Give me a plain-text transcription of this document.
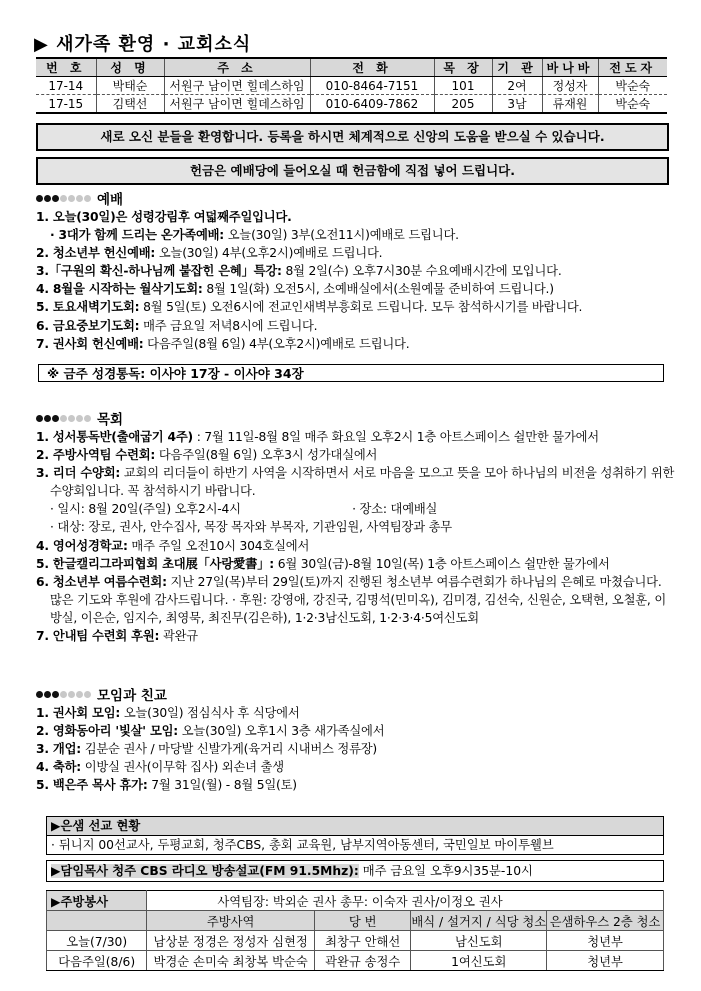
▶ 새가족 환영 · 교회소식
번 호	성 명	주 소	전 화	목 장	기 관	바나바	전도자
17-14	박태순	서원구 남이면 힐데스하임	010-8464-7151	101	2여	정성자	박순숙
17-15	김택선	서원구 남이면 힐데스하임	010-6409-7862	205	3남	류재원	박순숙
새로 오신 분들을 환영합니다. 등록을 하시면 체계적으로 신앙의 도움을 받으실 수 있습니다.
헌금은 예배당에 들어오실 때 헌금함에 직접 넣어 드립니다.
예배
1. 오늘(30일)은 성령강림후 여덟째주일입니다.
· 3대가 함께 드리는 온가족예배: 오늘(30일) 3부(오전11시)예배로 드립니다.
2. 청소년부 헌신예배: 오늘(30일) 4부(오후2시)예배로 드립니다.
3.「구원의 확신-하나님께 붙잡힌 은혜」특강: 8월 2일(수) 오후7시30분 수요예배시간에 모입니다.
4. 8월을 시작하는 월삭기도회: 8월 1일(화) 오전5시, 소예배실에서(소원예물 준비하여 드립니다.)
5. 토요새벽기도회: 8월 5일(토) 오전6시에 전교인새벽부흥회로 드립니다. 모두 참석하시기를 바랍니다.
6. 금요중보기도회: 매주 금요일 저녁8시에 드립니다.
7. 권사회 헌신예배: 다음주일(8월 6일) 4부(오후2시)예배로 드립니다.
※ 금주 성경통독: 이사야 17장 - 이사야 34장
목회
1. 성서통독반(출애굽기 4주) : 7월 11일-8월 8일 매주 화요일 오후2시 1층 아트스페이스 쉴만한 물가에서
2. 주방사역팀 수련회: 다음주일(8월 6일) 오후3시 성가대실에서
3. 리더 수양회: 교회의 리더들이 하반기 사역을 시작하면서 서로 마음을 모으고 뜻을 모아 하나님의 비전을 성취하기 위한 수양회입니다. 꼭 참석하시기 바랍니다.
· 일시: 8월 20일(주일) 오후2시-4시                              · 장소: 대예배실
· 대상: 장로, 권사, 안수집사, 목장 목자와 부목자, 기관임원, 사역팀장과 총무
4. 영어성경학교: 매주 주일 오전10시 304호실에서
5. 한글캘리그라피협회 초대展「사랑愛書」: 6월 30일(금)-8월 10일(목) 1층 아트스페이스 쉴만한 물가에서
6. 청소년부 여름수련회: 지난 27일(목)부터 29일(토)까지 진행된 청소년부 여름수련회가 하나님의 은혜로 마쳤습니다. 많은 기도와 후원에 감사드립니다. · 후원: 강영애, 강진국, 김명석(민미옥), 김미경, 김선숙, 신원순, 오택현, 오철훈, 이방실, 이은순, 임지수, 최영묵, 최진무(김은하), 1·2·3남신도회, 1·2·3·4·5여신도회
7. 안내팀 수련회 후원: 곽완규
모임과 친교
1. 권사회 모임: 오늘(30일) 점심식사 후 식당에서
2. 영화동아리 '빛살' 모임: 오늘(30일) 오후1시 3층 새가족실에서
3. 개업: 김분순 권사 / 마당발 신발가게(육거리 시내버스 정류장)
4. 축하: 이방실 권사(이무학 집사) 외손녀 출생
5. 백은주 목사 휴가: 7월 31일(월) - 8월 5일(토)
▶은샘 선교 현황
· 뒤니지 00선교사, 두평교회, 청주CBS, 총회 교육원, 남부지역아동센터, 국민일보 마이투웰브
▶담임목사 청주 CBS 라디오 방송설교(FM 91.5Mhz): 매주 금요일 오후9시35분-10시
▶주방봉사	사역팀장: 박외순 권사 총무: 이숙자 권사/이정오 권사			
	주방사역	당 번	배식 / 설거지 / 식당 청소	은샘하우스 2층 청소
오늘(7/30)	남상분 정경은 정성자 심현정	최창구 안해선	남신도회	청년부
다음주일(8/6)	박경순 손미숙 최창복 박순숙	곽완규 송정수	1여신도회	청년부
